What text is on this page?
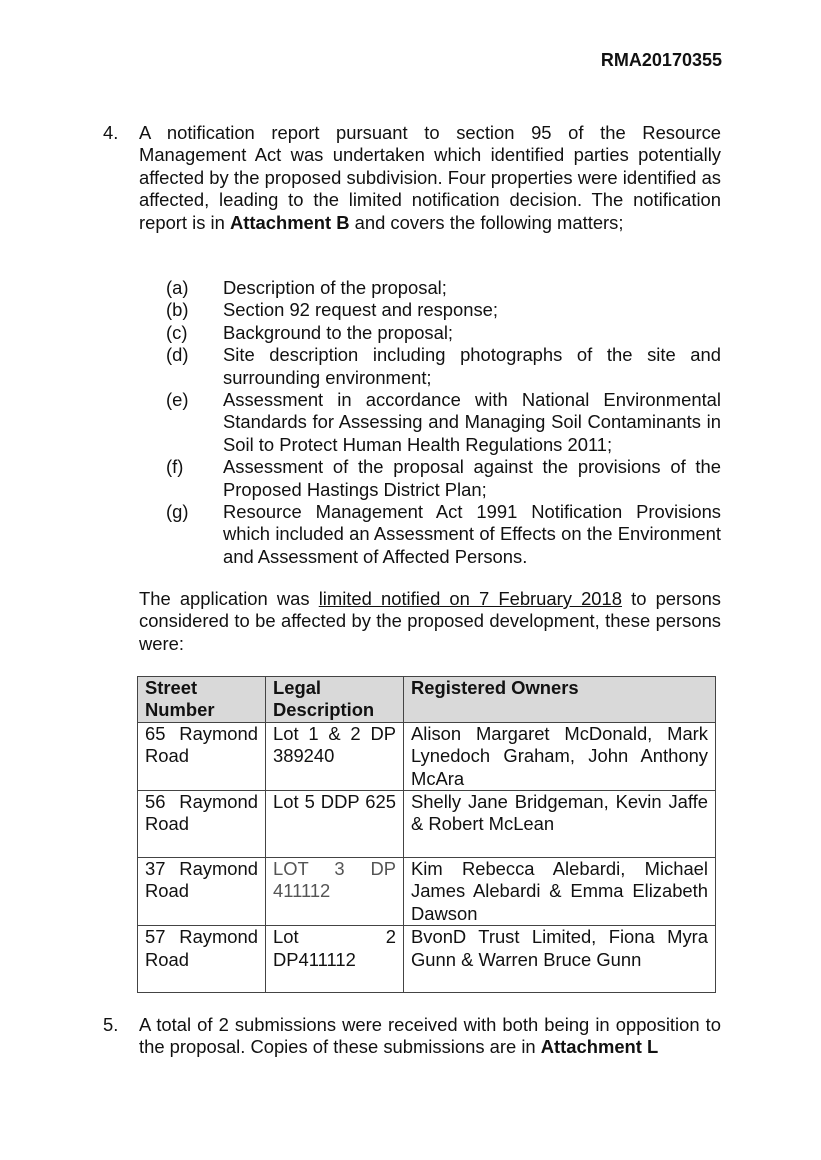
RMA20170355
4. A notification report pursuant to section 95 of the Resource Management Act was undertaken which identified parties potentially affected by the proposed subdivision. Four properties were identified as affected, leading to the limited notification decision. The notification report is in Attachment B and covers the following matters;
(a) Description of the proposal;
(b) Section 92 request and response;
(c) Background to the proposal;
(d) Site description including photographs of the site and surrounding environment;
(e) Assessment in accordance with National Environmental Standards for Assessing and Managing Soil Contaminants in Soil to Protect Human Health Regulations 2011;
(f) Assessment of the proposal against the provisions of the Proposed Hastings District Plan;
(g) Resource Management Act 1991 Notification Provisions which included an Assessment of Effects on the Environment and Assessment of Affected Persons.
The application was limited notified on 7 February 2018 to persons considered to be affected by the proposed development, these persons were:
Street Number	Legal Description	Registered Owners
65 Raymond Road	Lot 1 & 2 DP 389240	Alison Margaret McDonald, Mark Lynedoch Graham, John Anthony McAra
56 Raymond Road	Lot 5 DDP 625	Shelly Jane Bridgeman, Kevin Jaffe & Robert McLean
37 Raymond Road	LOT 3 DP 411112	Kim Rebecca Alebardi, Michael James Alebardi & Emma Elizabeth Dawson
57 Raymond Road	Lot 2 DP411112	BvonD Trust Limited, Fiona Myra Gunn & Warren Bruce Gunn
5. A total of 2 submissions were received with both being in opposition to the proposal. Copies of these submissions are in Attachment L
